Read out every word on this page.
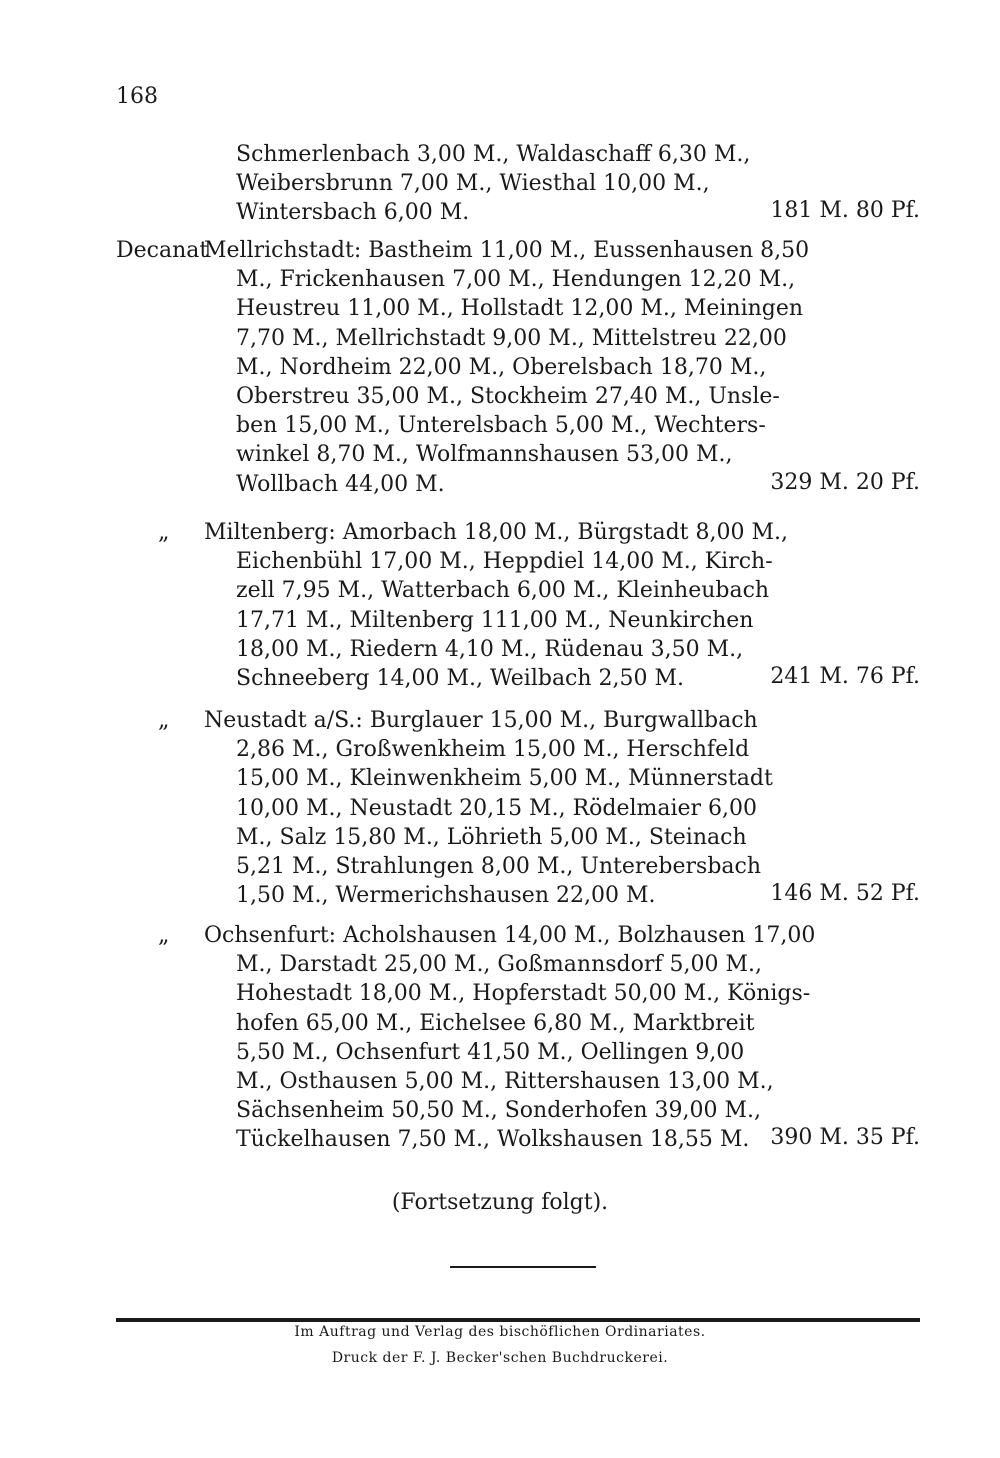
168
Schmerlenbach 3,00 M., Waldaschaff 6,30 M.,
Weibersbrunn 7,00 M., Wiesthal 10,00 M.,
Wintersbach 6,00 M.	181 M. 80 Pf.
Decanat
Mellrichstadt: Bastheim 11,00 M., Eussenhausen 8,50
M., Frickenhausen 7,00 M., Hendungen 12,20 M.,
Heustreu 11,00 M., Hollstadt 12,00 M., Meiningen
7,70 M., Mellrichstadt 9,00 M., Mittelstreu 22,00
M., Nordheim 22,00 M., Oberelsbach 18,70 M.,
Oberstreu 35,00 M., Stockheim 27,40 M., Unsle-
ben 15,00 M., Unterelsbach 5,00 M., Wechters-
winkel 8,70 M., Wolfmannshausen 53,00 M.,
Wollbach 44,00 M.	329 M. 20 Pf.
„ Miltenberg: Amorbach 18,00 M., Bürgstadt 8,00 M.,
Eichenbühl 17,00 M., Heppdiel 14,00 M., Kirch-
zell 7,95 M., Watterbach 6,00 M., Kleinheubach
17,71 M., Miltenberg 111,00 M., Neunkirchen
18,00 M., Riedern 4,10 M., Rüdenau 3,50 M.,
Schneeberg 14,00 M., Weilbach 2,50 M.	241 M. 76 Pf.
„ Neustadt a/S.: Burglauer 15,00 M., Burgwallbach
2,86 M., Großwenkheim 15,00 M., Herschfeld
15,00 M., Kleinwenkheim 5,00 M., Münnerstadt
10,00 M., Neustadt 20,15 M., Rödelmaier 6,00
M., Salz 15,80 M., Löhrieth 5,00 M., Steinach
5,21 M., Strahlungen 8,00 M., Unterebersbach
1,50 M., Wermerichshausen 22,00 M.	146 M. 52 Pf.
„ Ochsenfurt: Acholshausen 14,00 M., Bolzhausen 17,00
M., Darstadt 25,00 M., Goßmannsdorf 5,00 M.,
Hohestadt 18,00 M., Hopferstadt 50,00 M., Königs-
hofen 65,00 M., Eichelsee 6,80 M., Marktbreit
5,50 M., Ochsenfurt 41,50 M., Oellingen 9,00
M., Osthausen 5,00 M., Rittershausen 13,00 M.,
Sächsenheim 50,50 M., Sonderhofen 39,00 M.,
Tückelhausen 7,50 M., Wolkshausen 18,55 M. 390 M. 35 Pf.
(Fortsetzung folgt).
Im Auftrag und Verlag des bischöflichen Ordinariates.
Druck der F. J. Becker'schen Buchdruckerei.
